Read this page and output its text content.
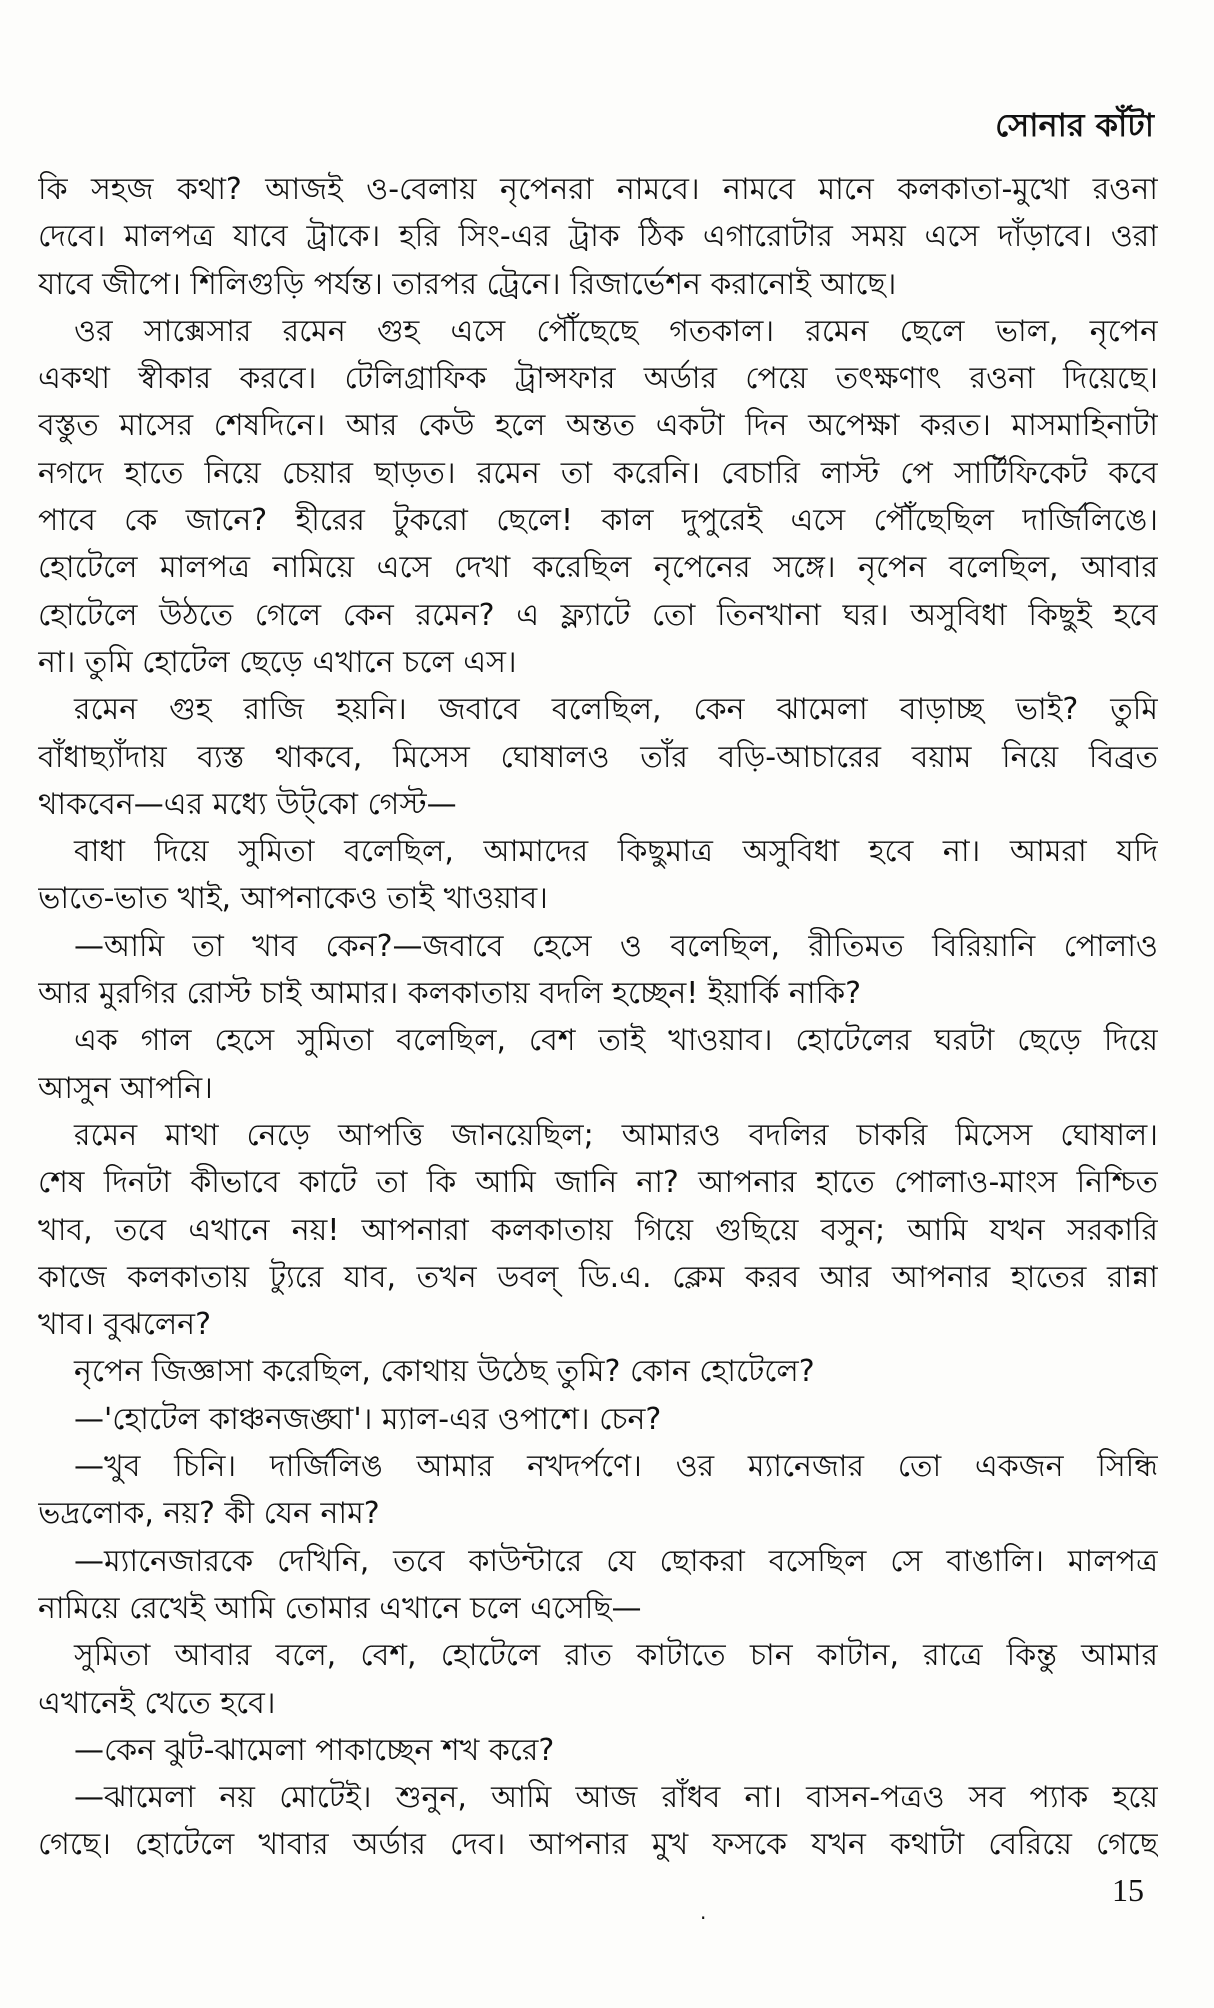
সোনার কাঁটা
কি সহজ কথা? আজই ও-বেলায় নৃপেনরা নামবে। নামবে মানে কলকাতা-মুখো রওনা
দেবে। মালপত্র যাবে ট্রাকে। হরি সিং-এর ট্রাক ঠিক এগারোটার সময় এসে দাঁড়াবে। ওরা
যাবে জীপে। শিলিগুড়ি পর্যন্ত। তারপর ট্রেনে। রিজার্ভেশন করানোই আছে।
ওর সাক্সেসার রমেন গুহ এসে পৌঁছেছে গতকাল। রমেন ছেলে ভাল, নৃপেন
একথা স্বীকার করবে। টেলিগ্রাফিক ট্রান্সফার অর্ডার পেয়ে তৎক্ষণাৎ রওনা দিয়েছে।
বস্তুত মাসের শেষদিনে। আর কেউ হলে অন্তত একটা দিন অপেক্ষা করত। মাসমাহিনাটা
নগদে হাতে নিয়ে চেয়ার ছাড়ত। রমেন তা করেনি। বেচারি লাস্ট পে সার্টিফিকেট কবে
পাবে কে জানে? হীরের টুকরো ছেলে! কাল দুপুরেই এসে পৌঁছেছিল দার্জিলিঙে।
হোটেলে মালপত্র নামিয়ে এসে দেখা করেছিল নৃপেনের সঙ্গে। নৃপেন বলেছিল, আবার
হোটেলে উঠতে গেলে কেন রমেন? এ ফ্ল্যাটে তো তিনখানা ঘর। অসুবিধা কিছুই হবে
না। তুমি হোটেল ছেড়ে এখানে চলে এস।
রমেন গুহ রাজি হয়নি। জবাবে বলেছিল, কেন ঝামেলা বাড়াচ্ছ ভাই? তুমি
বাঁধাছ্যাঁদায় ব্যস্ত থাকবে, মিসেস ঘোষালও তাঁর বড়ি-আচারের বয়াম নিয়ে বিব্রত
থাকবেন—এর মধ্যে উট্‌কো গেস্ট—
বাধা দিয়ে সুমিতা বলেছিল, আমাদের কিছুমাত্র অসুবিধা হবে না। আমরা যদি
ভাতে-ভাত খাই, আপনাকেও তাই খাওয়াব।
—আমি তা খাব কেন?—জবাবে হেসে ও বলেছিল, রীতিমত বিরিয়ানি পোলাও
আর মুরগির রোস্ট চাই আমার। কলকাতায় বদলি হচ্ছেন! ইয়ার্কি নাকি?
এক গাল হেসে সুমিতা বলেছিল, বেশ তাই খাওয়াব। হোটেলের ঘরটা ছেড়ে দিয়ে
আসুন আপনি।
রমেন মাথা নেড়ে আপত্তি জানয়েছিল; আমারও বদলির চাকরি মিসেস ঘোষাল।
শেষ দিনটা কীভাবে কাটে তা কি আমি জানি না? আপনার হাতে পোলাও-মাংস নিশ্চিত
খাব, তবে এখানে নয়! আপনারা কলকাতায় গিয়ে গুছিয়ে বসুন; আমি যখন সরকারি
কাজে কলকাতায় ট্যুরে যাব, তখন ডবল্ ডি.এ. ক্লেম করব আর আপনার হাতের রান্না
খাব। বুঝলেন?
নৃপেন জিজ্ঞাসা করেছিল, কোথায় উঠেছ তুমি? কোন হোটেলে?
—'হোটেল কাঞ্চনজঙ্ঘা'। ম্যাল-এর ওপাশে। চেন?
—খুব চিনি। দার্জিলিঙ আমার নখদর্পণে। ওর ম্যানেজার তো একজন সিন্ধি
ভদ্রলোক, নয়? কী যেন নাম?
—ম্যানেজারকে দেখিনি, তবে কাউন্টারে যে ছোকরা বসেছিল সে বাঙালি। মালপত্র
নামিয়ে রেখেই আমি তোমার এখানে চলে এসেছি—
সুমিতা আবার বলে, বেশ, হোটেলে রাত কাটাতে চান কাটান, রাত্রে কিন্তু আমার
এখানেই খেতে হবে।
—কেন ঝুট-ঝামেলা পাকাচ্ছেন শখ করে?
—ঝামেলা নয় মোটেই। শুনুন, আমি আজ রাঁধব না। বাসন-পত্রও সব প্যাক হয়ে
গেছে। হোটেলে খাবার অর্ডার দেব। আপনার মুখ ফসকে যখন কথাটা বেরিয়ে গেছে
.
15
